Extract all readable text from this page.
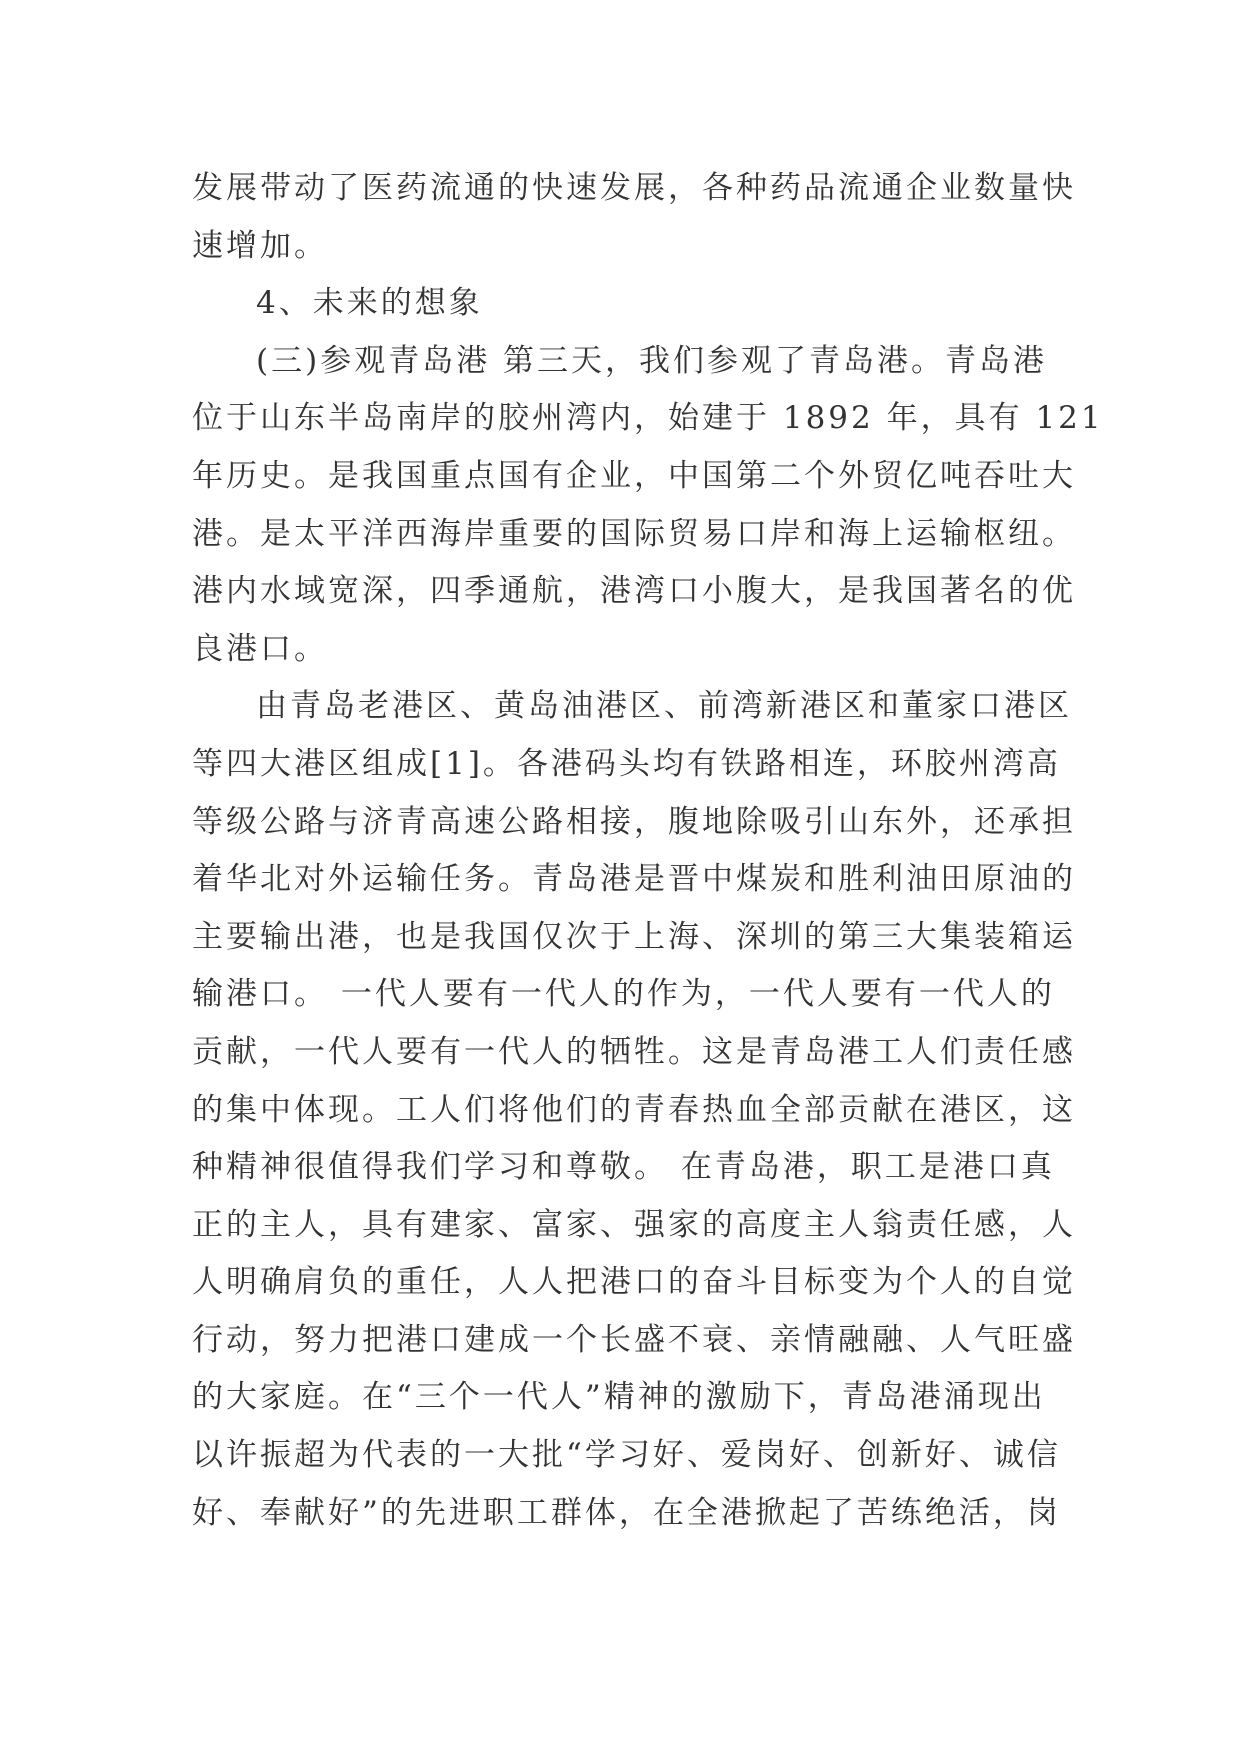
发展带动了医药流通的快速发展，各种药品流通企业数量快
速增加。
4、未来的想象
(三)参观青岛港 第三天，我们参观了青岛港。青岛港
位于山东半岛南岸的胶州湾内，始建于 1892 年，具有 121
年历史。是我国重点国有企业，中国第二个外贸亿吨吞吐大
港。是太平洋西海岸重要的国际贸易口岸和海上运输枢纽。
港内水域宽深，四季通航，港湾口小腹大，是我国著名的优
良港口。
由青岛老港区、黄岛油港区、前湾新港区和董家口港区
等四大港区组成[1]。各港码头均有铁路相连，环胶州湾高
等级公路与济青高速公路相接，腹地除吸引山东外，还承担
着华北对外运输任务。青岛港是晋中煤炭和胜利油田原油的
主要输出港，也是我国仅次于上海、深圳的第三大集装箱运
输港口。 一代人要有一代人的作为，一代人要有一代人的
贡献，一代人要有一代人的牺牲。这是青岛港工人们责任感
的集中体现。工人们将他们的青春热血全部贡献在港区，这
种精神很值得我们学习和尊敬。 在青岛港，职工是港口真
正的主人，具有建家、富家、强家的高度主人翁责任感，人
人明确肩负的重任，人人把港口的奋斗目标变为个人的自觉
行动，努力把港口建成一个长盛不衰、亲情融融、人气旺盛
的大家庭。在“三个一代人”精神的激励下，青岛港涌现出
以许振超为代表的一大批“学习好、爱岗好、创新好、诚信
好、奉献好”的先进职工群体，在全港掀起了苦练绝活，岗
